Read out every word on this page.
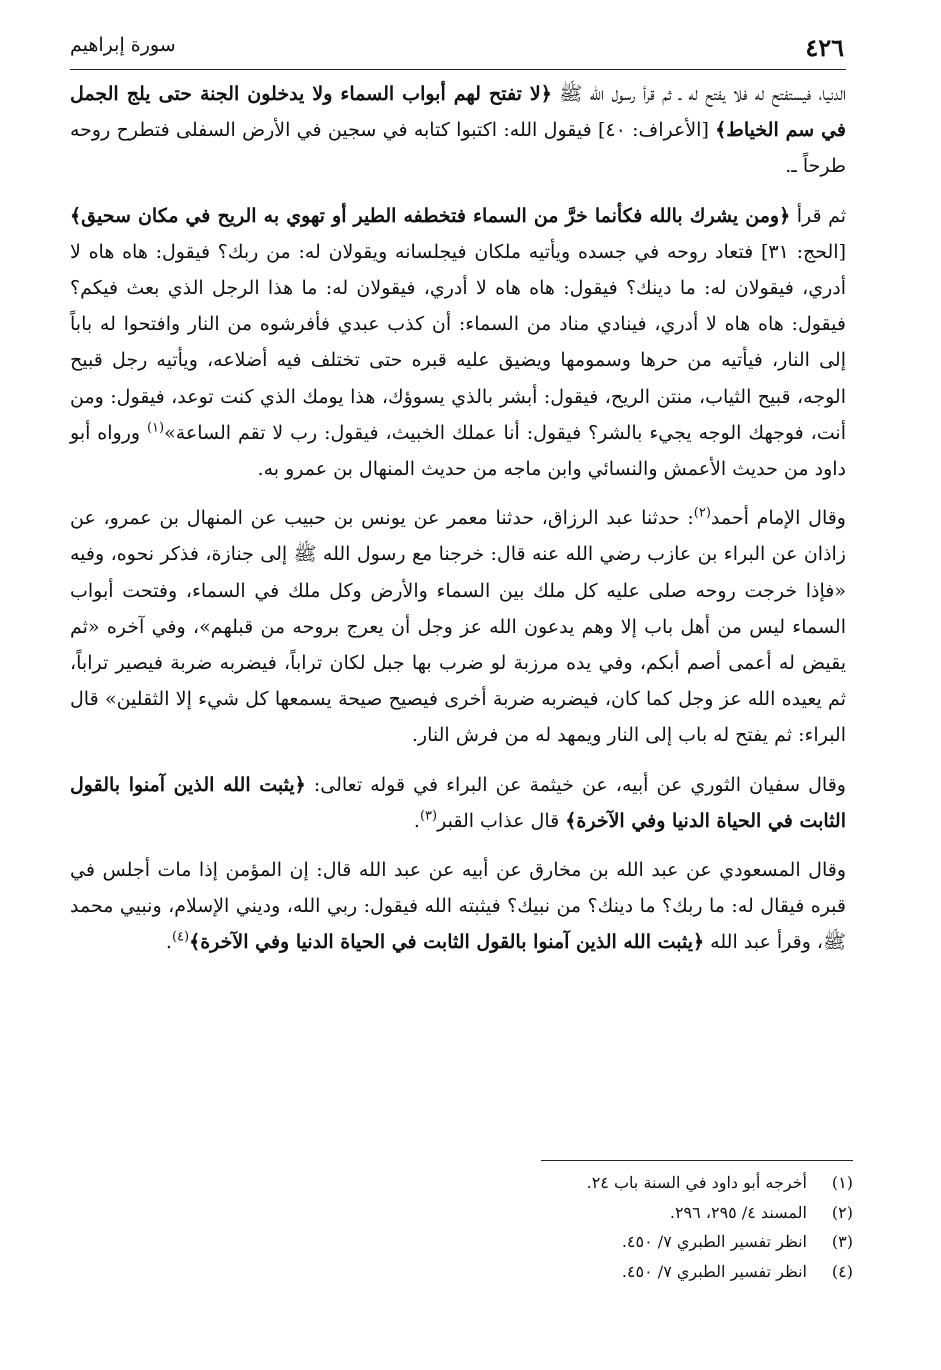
٤٢٦
سورة إبراهيم

الدنيا، فيستفتح له فلا يفتح له ـ ثم قرأ رسول الله ﷺ ﴿لا تفتح لهم أبواب السماء ولا يدخلون الجنة حتى يلج الجمل في سم الخياط﴾ [الأعراف: ٤٠] فيقول الله: اكتبوا كتابه في سجين في الأرض السفلى فتطرح روحه طرحاً ـ.

ثم قرأ ﴿ومن يشرك بالله فكأنما خرَّ من السماء فتخطفه الطير أو تهوي به الريح في مكان سحيق﴾ [الحج: ٣١] فتعاد روحه في جسده ويأتيه ملكان فيجلسانه ويقولان له: من ربك؟ فيقول: هاه هاه لا أدري، فيقولان له: ما دينك؟ فيقول: هاه هاه لا أدري، فيقولان له: ما هذا الرجل الذي بعث فيكم؟ فيقول: هاه هاه لا أدري، فينادي مناد من السماء: أن كذب عبدي فأفرشوه من النار وافتحوا له باباً إلى النار، فيأتيه من حرها وسمومها ويضيق عليه قبره حتى تختلف فيه أضلاعه، ويأتيه رجل قبيح الوجه، قبيح الثياب، منتن الريح، فيقول: أبشر بالذي يسوؤك، هذا يومك الذي كنت توعد، فيقول: ومن أنت، فوجهك الوجه يجيء بالشر؟ فيقول: أنا عملك الخبيث، فيقول: رب لا تقم الساعة»$^{(١)}$ ورواه أبو داود من حديث الأعمش والنسائي وابن ماجه من حديث المنهال بن عمرو به.

وقال الإمام أحمد$^{(٢)}$: حدثنا عبد الرزاق، حدثنا معمر عن يونس بن حبيب عن المنهال بن عمرو، عن زاذان عن البراء بن عازب رضي الله عنه قال: خرجنا مع رسول الله ﷺ إلى جنازة، فذكر نحوه، وفيه «فإذا خرجت روحه صلى عليه كل ملك بين السماء والأرض وكل ملك في السماء، وفتحت أبواب السماء ليس من أهل باب إلا وهم يدعون الله عز وجل أن يعرج بروحه من قبلهم»، وفي آخره «ثم يقيض له أعمى أصم أبكم، وفي يده مرزبة لو ضرب بها جبل لكان تراباً، فيضربه ضربة فيصير تراباً، ثم يعيده الله عز وجل كما كان، فيضربه ضربة أخرى فيصيح صيحة يسمعها كل شيء إلا الثقلين» قال البراء: ثم يفتح له باب إلى النار ويمهد له من فرش النار.

وقال سفيان الثوري عن أبيه، عن خيثمة عن البراء في قوله تعالى: ﴿يثبت الله الذين آمنوا بالقول الثابت في الحياة الدنيا وفي الآخرة﴾ قال عذاب القبر$^{(٣)}$.

وقال المسعودي عن عبد الله بن مخارق عن أبيه عن عبد الله قال: إن المؤمن إذا مات أجلس في قبره فيقال له: ما ربك؟ ما دينك؟ من نبيك؟ فيثبته الله فيقول: ربي الله، وديني الإسلام، ونبيي محمد ﷺ، وقرأ عبد الله ﴿يثبت الله الذين آمنوا بالقول الثابت في الحياة الدنيا وفي الآخرة﴾$^{(٤)}$.

(١)
أخرجه أبو داود في السنة باب ٢٤.
(٢)
المسند ٤/ ٢٩٥، ٢٩٦.
(٣)
انظر تفسير الطبري ٧/ ٤٥٠.
(٤)
انظر تفسير الطبري ٧/ ٤٥٠.
